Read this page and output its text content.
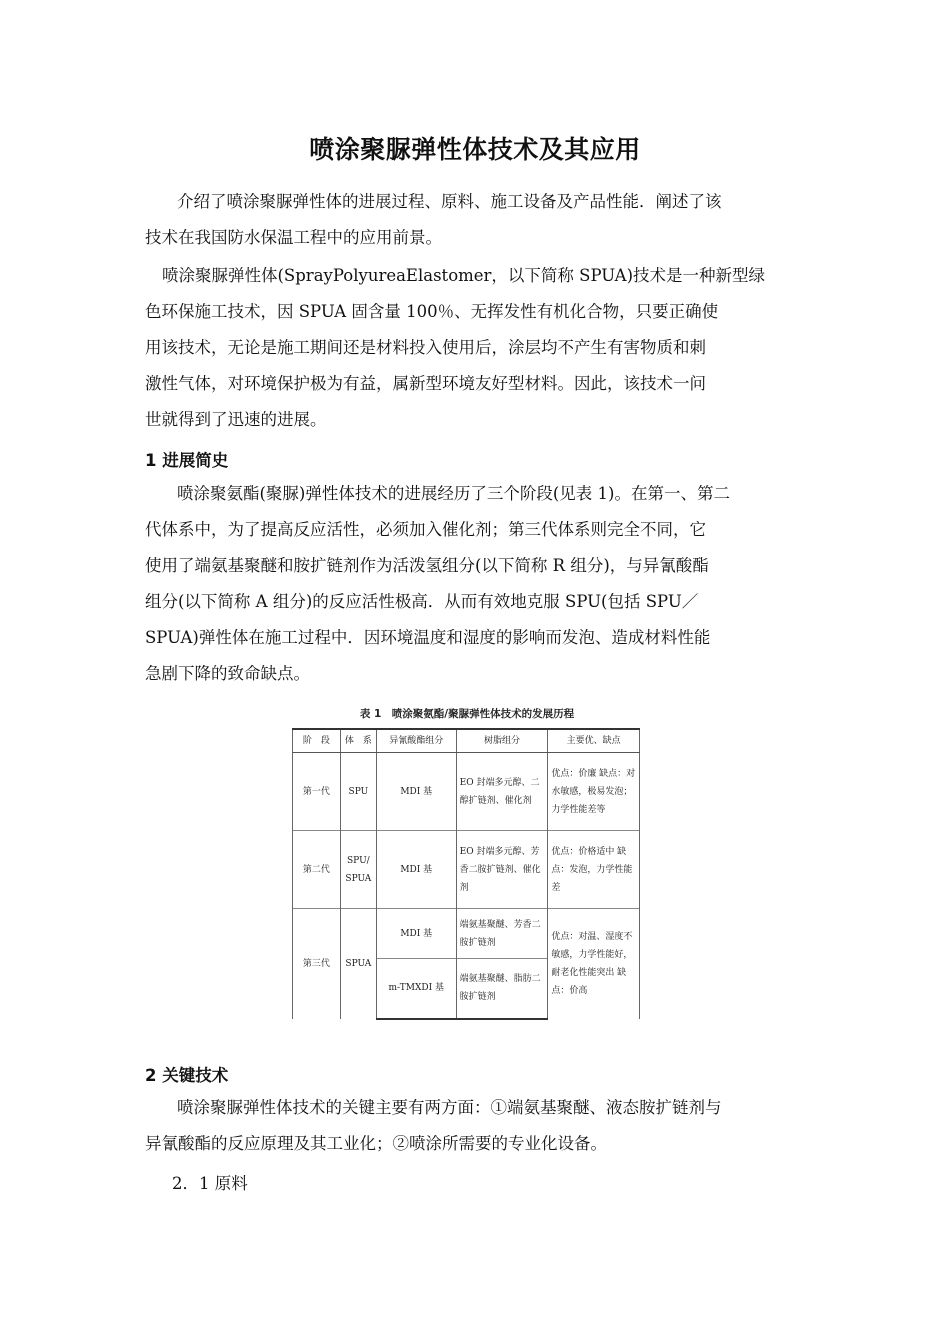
喷涂聚脲弹性体技术及其应用
介绍了喷涂聚脲弹性体的进展过程、原料、施工设备及产品性能．阐述了该
技术在我国防水保温工程中的应用前景。
喷涂聚脲弹性体(SprayPolyureaElastomer，以下简称 SPUA)技术是一种新型绿
色环保施工技术，因 SPUA 固含量 100％、无挥发性有机化合物，只要正确使
用该技术，无论是施工期间还是材料投入使用后，涂层均不产生有害物质和刺
激性气体，对环境保护极为有益，属新型环境友好型材料。因此，该技术一问
世就得到了迅速的进展。
1 进展简史
喷涂聚氨酯(聚脲)弹性体技术的进展经历了三个阶段(见表 1)。在第一、第二
代体系中，为了提高反应活性，必须加入催化剂；第三代体系则完全不同，它
使用了端氨基聚醚和胺扩链剂作为活泼氢组分(以下简称 R 组分)，与异氰酸酯
组分(以下简称 A 组分)的反应活性极高．从而有效地克服 SPU(包括 SPU／
SPUA)弹性体在施工过程中．因环境温度和湿度的影响而发泡、造成材料性能
急剧下降的致命缺点。
表 1　喷涂聚氨酯/聚脲弹性体技术的发展历程
阶　段	体　系	异氰酸酯组分	树脂组分	主要优、缺点
第一代	SPU	MDI 基	EO 封端多元醇、二醇扩链剂、催化剂	优点：价廉 缺点：对水敏感，极易发泡；力学性能差等
第二代	SPU/ SPUA	MDI 基	EO 封端多元醇、芳香二胺扩链剂、催化剂	优点：价格适中 缺点：发泡，力学性能差
第三代	SPUA	MDI 基	端氨基聚醚、芳香二胺扩链剂	优点：对温、湿度不敏感，力学性能好，耐老化性能突出 缺点：价高
		m-TMXDI 基	端氨基聚醚、脂肪二胺扩链剂	
2 关键技术
喷涂聚脲弹性体技术的关键主要有两方面：①端氨基聚醚、液态胺扩链剂与
异氰酸酯的反应原理及其工业化；②喷涂所需要的专业化设备。
2．1 原料
